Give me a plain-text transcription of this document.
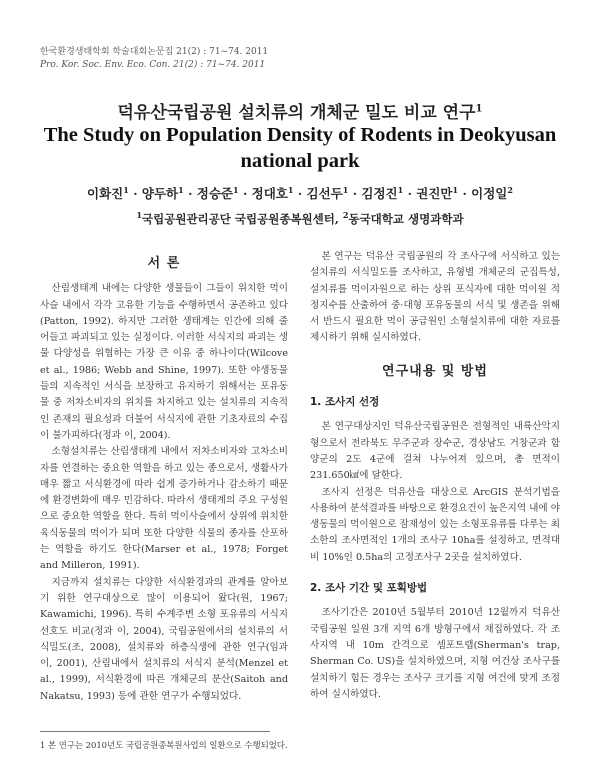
한국환경생태학회 학술대회논문집 21(2) : 71~74. 2011
Pro. Kor. Soc. Env. Eco. Con. 21(2) : 71~74. 2011
덕유산국립공원 설치류의 개체군 밀도 비교 연구$^1$
The Study on Population Density of Rodents in Deokyusan national park
이화진$^1$ · 양두하$^1$ · 정승준$^1$ · 정대호$^1$ · 김선두$^1$ · 김정진$^1$ · 권진만$^1$ · 이정일$^2$
$^1$국립공원관리공단 국립공원종복원센터, $^2$동국대학교 생명과학과
서 론

산림생태계 내에는 다양한 생물들이 그들이 위치한 먹이사슬 내에서 각각 고유한 기능을 수행하면서 공존하고 있다(Patton, 1992). 하지만 그러한 생태계는 인간에 의해 줄어들고 파괴되고 있는 실정이다. 이러한 서식지의 파괴는 생물 다양성을 위협하는 가장 큰 이유 중 하나이다(Wilcove et al., 1986; Webb and Shine, 1997). 또한 야생동물들의 지속적인 서식을 보장하고 유지하기 위해서는 포유동물 중 저차소비자의 위치를 차지하고 있는 설치류의 지속적인 존재의 필요성과 더불어 서식지에 관한 기초자료의 수집이 불가피하다(정과 이, 2004).

소형설치류는 산림생태계 내에서 저차소비자와 고차소비자를 연결하는 중요한 역할을 하고 있는 종으로서, 생활사가 매우 짧고 서식환경에 따라 쉽게 증가하거나 감소하기 때문에 환경변화에 매우 민감하다. 따라서 생태계의 주요 구성원으로 중요한 역할을 한다. 특히 먹이사슬에서 상위에 위치한 육식동물의 먹이가 되며 또한 다양한 식물의 종자를 산포하는 역할을 하기도 한다(Marser et al., 1978; Forget and Milleron, 1991).

지금까지 설치류는 다양한 서식환경과의 관계를 알아보기 위한 연구대상으로 많이 이용되어 왔다(원, 1967; Kawamichi, 1996). 특히 수계주변 소형 포유류의 서식지 선호도 비교(정과 이, 2004), 국립공원에서의 설치류의 서식밀도(조, 2008), 설치류와 하층식생에 관한 연구(임과 이, 2001), 산림내에서 설치류의 서식지 분석(Menzel et al., 1999), 서식환경에 따른 개체군의 분산(Saitoh and Nakatsu, 1993) 등에 관한 연구가 수행되었다.

본 연구는 덕유산 국립공원의 각 조사구에 서식하고 있는 설치류의 서식밀도를 조사하고, 유형별 개체군의 군집특성, 설치류를 먹이자원으로 하는 상위 포식자에 대한 먹이원 적정지수를 산출하여 중·대형 포유동물의 서식 및 생존을 위해서 반드시 필요한 먹이 공급원인 소형설치류에 대한 자료를 제시하기 위해 실시하였다.

연구내용 및 방법
1. 조사지 선정

본 연구대상지인 덕유산국립공원은 전형적인 내륙산악지형으로서 전라북도 무주군과 장수군, 경상남도 거창군과 함양군의 2도 4군에 걸쳐 나누어져 있으며, 총 면적이 231.650㎢에 달한다.

조사지 선정은 덕유산을 대상으로 ArcGIS 분석기법을 사용하여 분석결과를 바탕으로 환경요건이 높은지역 내에 야생동물의 먹이원으로 잠재성이 있는 소형포유류를 다루는 최소한의 조사면적인 1개의 조사구 10ha를 설정하고, 면적대비 10%인 0.5ha의 고정조사구 2곳을 설치하였다.

2. 조사 기간 및 포획방법

조사기간은 2010년 5월부터 2010년 12월까지 덕유산국립공원 일원 3개 지역 6개 방형구에서 채집하였다. 각 조사지역 내 10m 간격으로 셈포트랩(Sherman's trap, Sherman Co. US)을 설치하였으며, 지형 여건상 조사구를 설치하기 힘든 경우는 조사구 크기를 지형 여건에 맞게 조정하여 실시하였다.

1 본 연구는 2010년도 국립공원종복원사업의 일환으로 수행되었다.
